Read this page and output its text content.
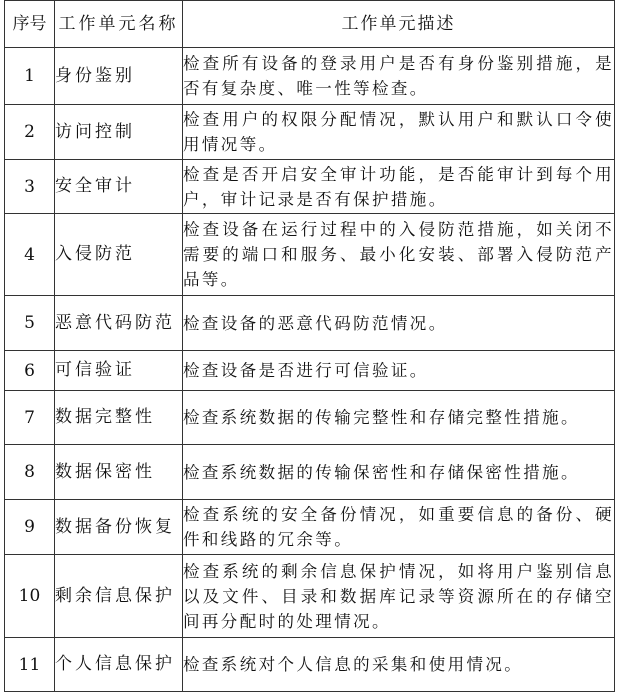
序号	工作单元名称	工作单元描述
1	身份鉴别	检查所有设备的登录用户是否有身份鉴别措施，是否有复杂度、唯一性等检查。
2	访问控制	检查用户的权限分配情况，默认用户和默认口令使用情况等。
3	安全审计	检查是否开启安全审计功能，是否能审计到每个用户，审计记录是否有保护措施。
4	入侵防范	检查设备在运行过程中的入侵防范措施，如关闭不需要的端口和服务、最小化安装、部署入侵防范产品等。
5	恶意代码防范	检查设备的恶意代码防范情况。
6	可信验证	检查设备是否进行可信验证。
7	数据完整性	检查系统数据的传输完整性和存储完整性措施。
8	数据保密性	检查系统数据的传输保密性和存储保密性措施。
9	数据备份恢复	检查系统的安全备份情况，如重要信息的备份、硬件和线路的冗余等。
10	剩余信息保护	检查系统的剩余信息保护情况，如将用户鉴别信息以及文件、目录和数据库记录等资源所在的存储空间再分配时的处理情况。
11	个人信息保护	检查系统对个人信息的采集和使用情况。
